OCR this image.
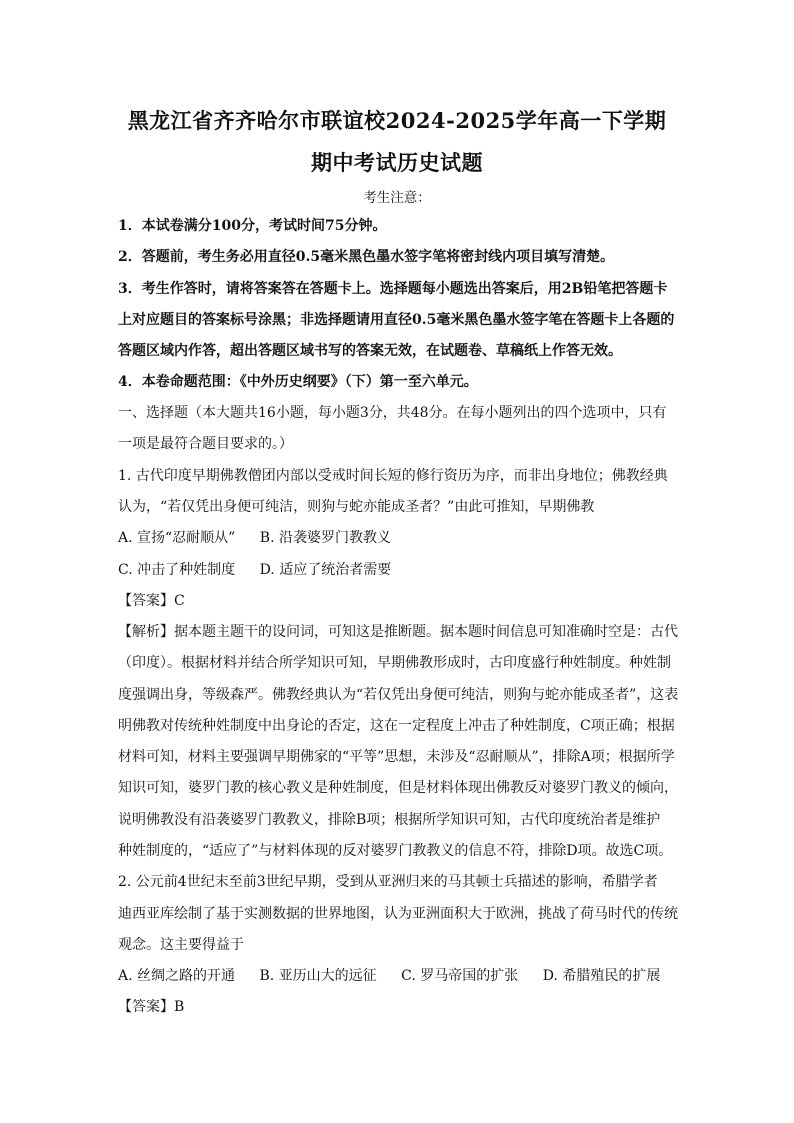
黑龙江省齐齐哈尔市联谊校2024-2025学年高一下学期
期中考试历史试题
考生注意：
1．本试卷满分100分，考试时间75分钟。
2．答题前，考生务必用直径0.5毫米黑色墨水签字笔将密封线内项目填写清楚。
3．考生作答时，请将答案答在答题卡上。选择题每小题选出答案后，用2B铅笔把答题卡
上对应题目的答案标号涂黑；非选择题请用直径0.5毫米黑色墨水签字笔在答题卡上各题的
答题区域内作答，超出答题区域书写的答案无效，在试题卷、草稿纸上作答无效。
4．本卷命题范围：《中外历史纲要》（下）第一至六单元。
一、选择题（本大题共16小题，每小题3分，共48分。在每小题列出的四个选项中，只有
一项是最符合题目要求的。）
1. 古代印度早期佛教僧团内部以受戒时间长短的修行资历为序，而非出身地位；佛教经典
认为，“若仅凭出身便可纯洁，则狗与蛇亦能成圣者？”由此可推知，早期佛教
A. 宣扬“忍耐顺从” B. 沿袭婆罗门教教义
C. 冲击了种姓制度 D. 适应了统治者需要
【答案】C
【解析】据本题主题干的设问词，可知这是推断题。据本题时间信息可知准确时空是：古代
（印度）。根据材料并结合所学知识可知，早期佛教形成时，古印度盛行种姓制度。种姓制
度强调出身，等级森严。佛教经典认为“若仅凭出身便可纯洁，则狗与蛇亦能成圣者”，这表
明佛教对传统种姓制度中出身论的否定，这在一定程度上冲击了种姓制度，C项正确；根据
材料可知，材料主要强调早期佛家的“平等”思想，未涉及“忍耐顺从”，排除A项；根据所学
知识可知，婆罗门教的核心教义是种姓制度，但是材料体现出佛教反对婆罗门教义的倾向，
说明佛教没有沿袭婆罗门教教义，排除B项；根据所学知识可知，古代印度统治者是维护
种姓制度的，“适应了”与材料体现的反对婆罗门教教义的信息不符，排除D项。故选C项。
2. 公元前4世纪末至前3世纪早期，受到从亚洲归来的马其顿士兵描述的影响，希腊学者
迪西亚库绘制了基于实测数据的世界地图，认为亚洲面积大于欧洲，挑战了荷马时代的传统
观念。这主要得益于
A. 丝绸之路的开通 B. 亚历山大的远征 C. 罗马帝国的扩张 D. 希腊殖民的扩展
【答案】B
